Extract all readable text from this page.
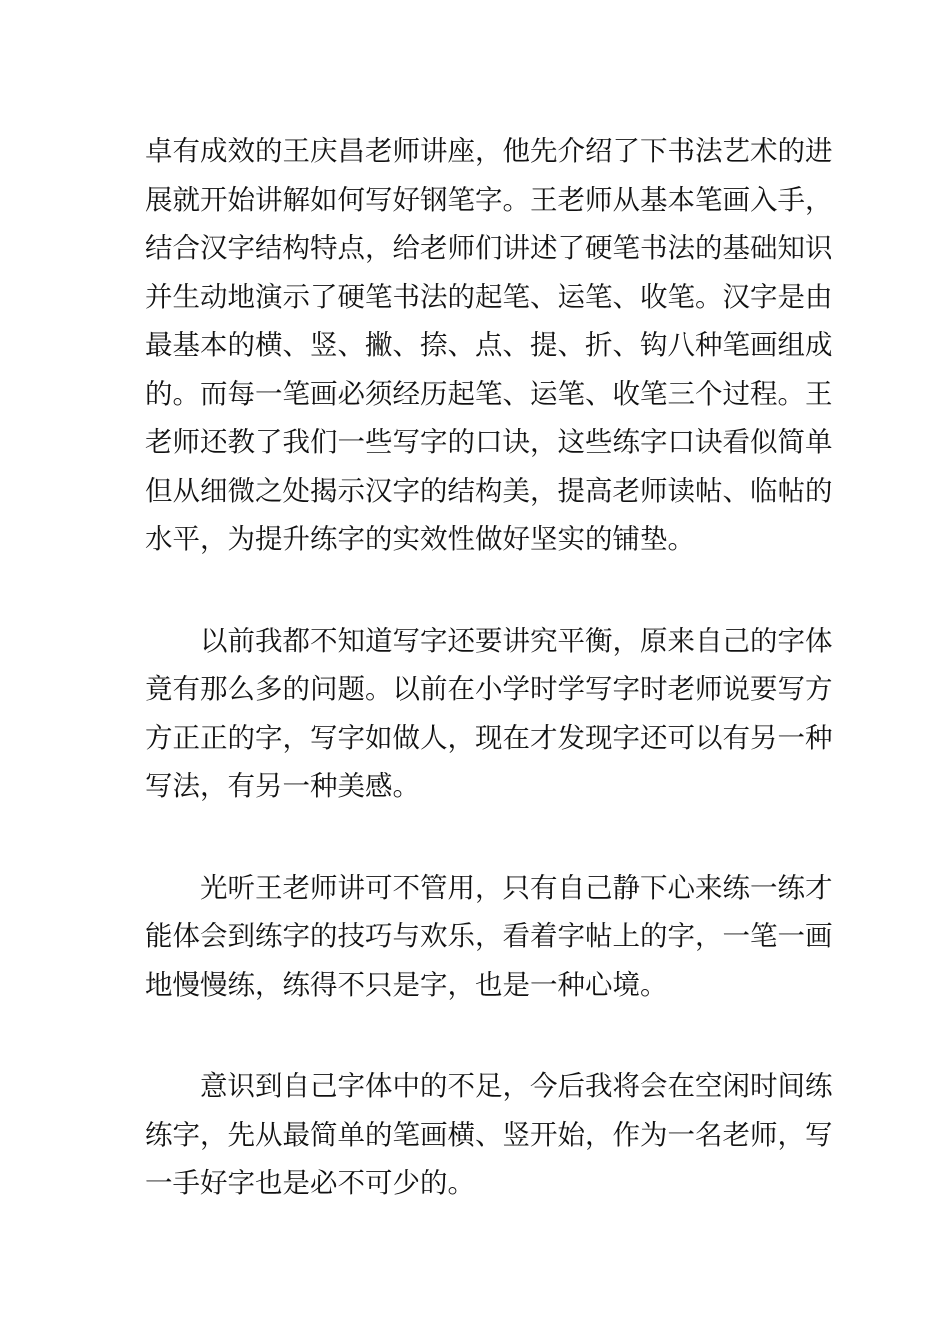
卓有成效的王庆昌老师讲座，他先介绍了下书法艺术的进
展就开始讲解如何写好钢笔字。王老师从基本笔画入手，
结合汉字结构特点，给老师们讲述了硬笔书法的基础知识
并生动地演示了硬笔书法的起笔、运笔、收笔。汉字是由
最基本的横、竖、撇、捺、点、提、折、钩八种笔画组成
的。而每一笔画必须经历起笔、运笔、收笔三个过程。王
老师还教了我们一些写字的口诀，这些练字口诀看似简单
但从细微之处揭示汉字的结构美，提高老师读帖、临帖的
水平，为提升练字的实效性做好坚实的铺垫。
以前我都不知道写字还要讲究平衡，原来自己的字体
竟有那么多的问题。以前在小学时学写字时老师说要写方
方正正的字，写字如做人，现在才发现字还可以有另一种
写法，有另一种美感。
光听王老师讲可不管用，只有自己静下心来练一练才
能体会到练字的技巧与欢乐，看着字帖上的字，一笔一画
地慢慢练，练得不只是字，也是一种心境。
意识到自己字体中的不足，今后我将会在空闲时间练
练字，先从最简单的笔画横、竖开始，作为一名老师，写
一手好字也是必不可少的。
